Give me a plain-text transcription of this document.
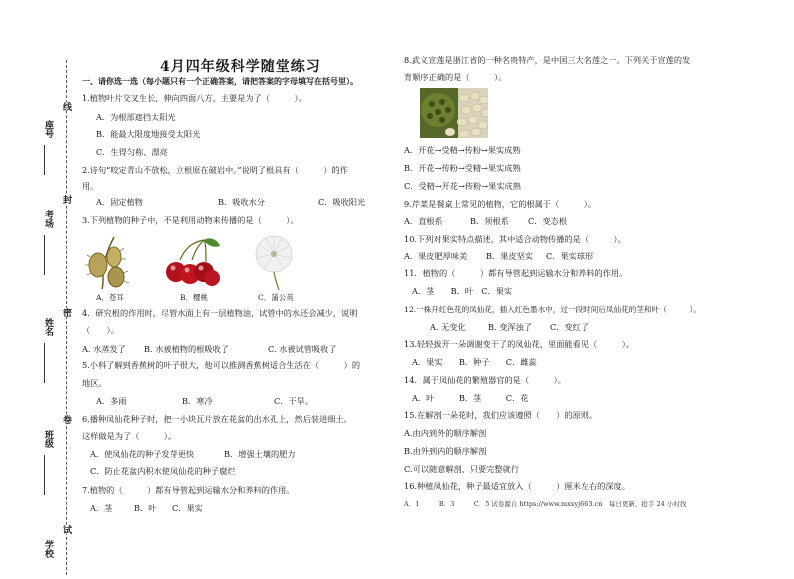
线
封
密
卷
试
座号
考场
姓名
班级
学校
4月四年级科学随堂练习
一、请你选一选（每小题只有一个正确答案，请把答案的字母填写在括号里）。
1.植物叶片交叉生长，伸向四面八方，主要是为了（　　　）。
A．为根部遮挡太阳光
B．能最大限度地接受太阳光
C．生得匀称、漂亮
2.诗句“咬定青山不放松，立根原在破岩中。”说明了根具有（　　　）的作
用。
A．固定植物	B．吸收水分	C．吸收阳光
3.下列植物的种子中，不是利用动物来传播的是（　　　）。
A．苍耳	B．樱桃	C．蒲公英
4．研究根的作用时，尽管水面上有一层植物油，试管中的水还会减少，说明
（　　）。
A. 水蒸发了 B. 水被植物的根吸收了	C. 水被试管吸收了
5.小科了解到香蕉树的叶子很大，他可以推测香蕉树适合生活在（　　　）的
地区。
A．多雨	B．寒冷	C．干旱。
6.播种凤仙花种子时，把一小块瓦片放在花盆的出水孔上，然后装进细土。
这样做是为了（　　　）。
A．使凤仙花的种子发芽更快	B．增强土壤的肥力
C．防止花盆内积水使凤仙花的种子腐烂
7.植物的（　　　）都有导管起到运输水分和养料的作用。
A．茎	B．叶 C．果实
8.武义宣莲是浙江省的一种名贵特产，是中国三大名莲之一。下列关于宣莲的发
育顺序正确的是（　　　）。
A．开花→受精→传粉→果实成熟
B．开花→传粉→受精→果实成熟
C．受精→开花→传粉→果实成熟
9.芹菜是餐桌上常见的植物，它的根属于（　　　）。
A．直根系	B．须根系 C．变态根
10.下列对果实特点描述，其中适合动物传播的是（　　　）。
A．果皮肥厚味美 B．果皮坚实 C．果实球形
11．植物的（　　　）都有导管起到运输水分和养料的作用。
A．茎　　B．叶　C．果实
12.一株开红色花的凤仙花，插入红色墨水中，过一段时间后凤仙花的茎和叶（　　　）。
A. 无变化	B. 变浑浊了 C．变红了
13.轻轻拔开一朵调谢变干了的凤仙花，里面能看见（　　　）。
A．果实　　B．种子　　C．雌蕊
14．属于凤仙花的繁殖器官的是（　　　）。
A．叶　　　B．茎　　　C．花
15.在解剖一朵花时，我们应该遵照（　　）的原则。
A.由内到外的顺序解剖
B.由外到内的顺序解剖
C.可以随意解剖，只要完整就行
16.种植凤仙花，种子最适宜放入（　　　）厘米左右的深度。
A．1　　　B．3　　　C．5 试卷源自 https://www.mxxyj663.cn　每日更新，抢手 24 小时找
